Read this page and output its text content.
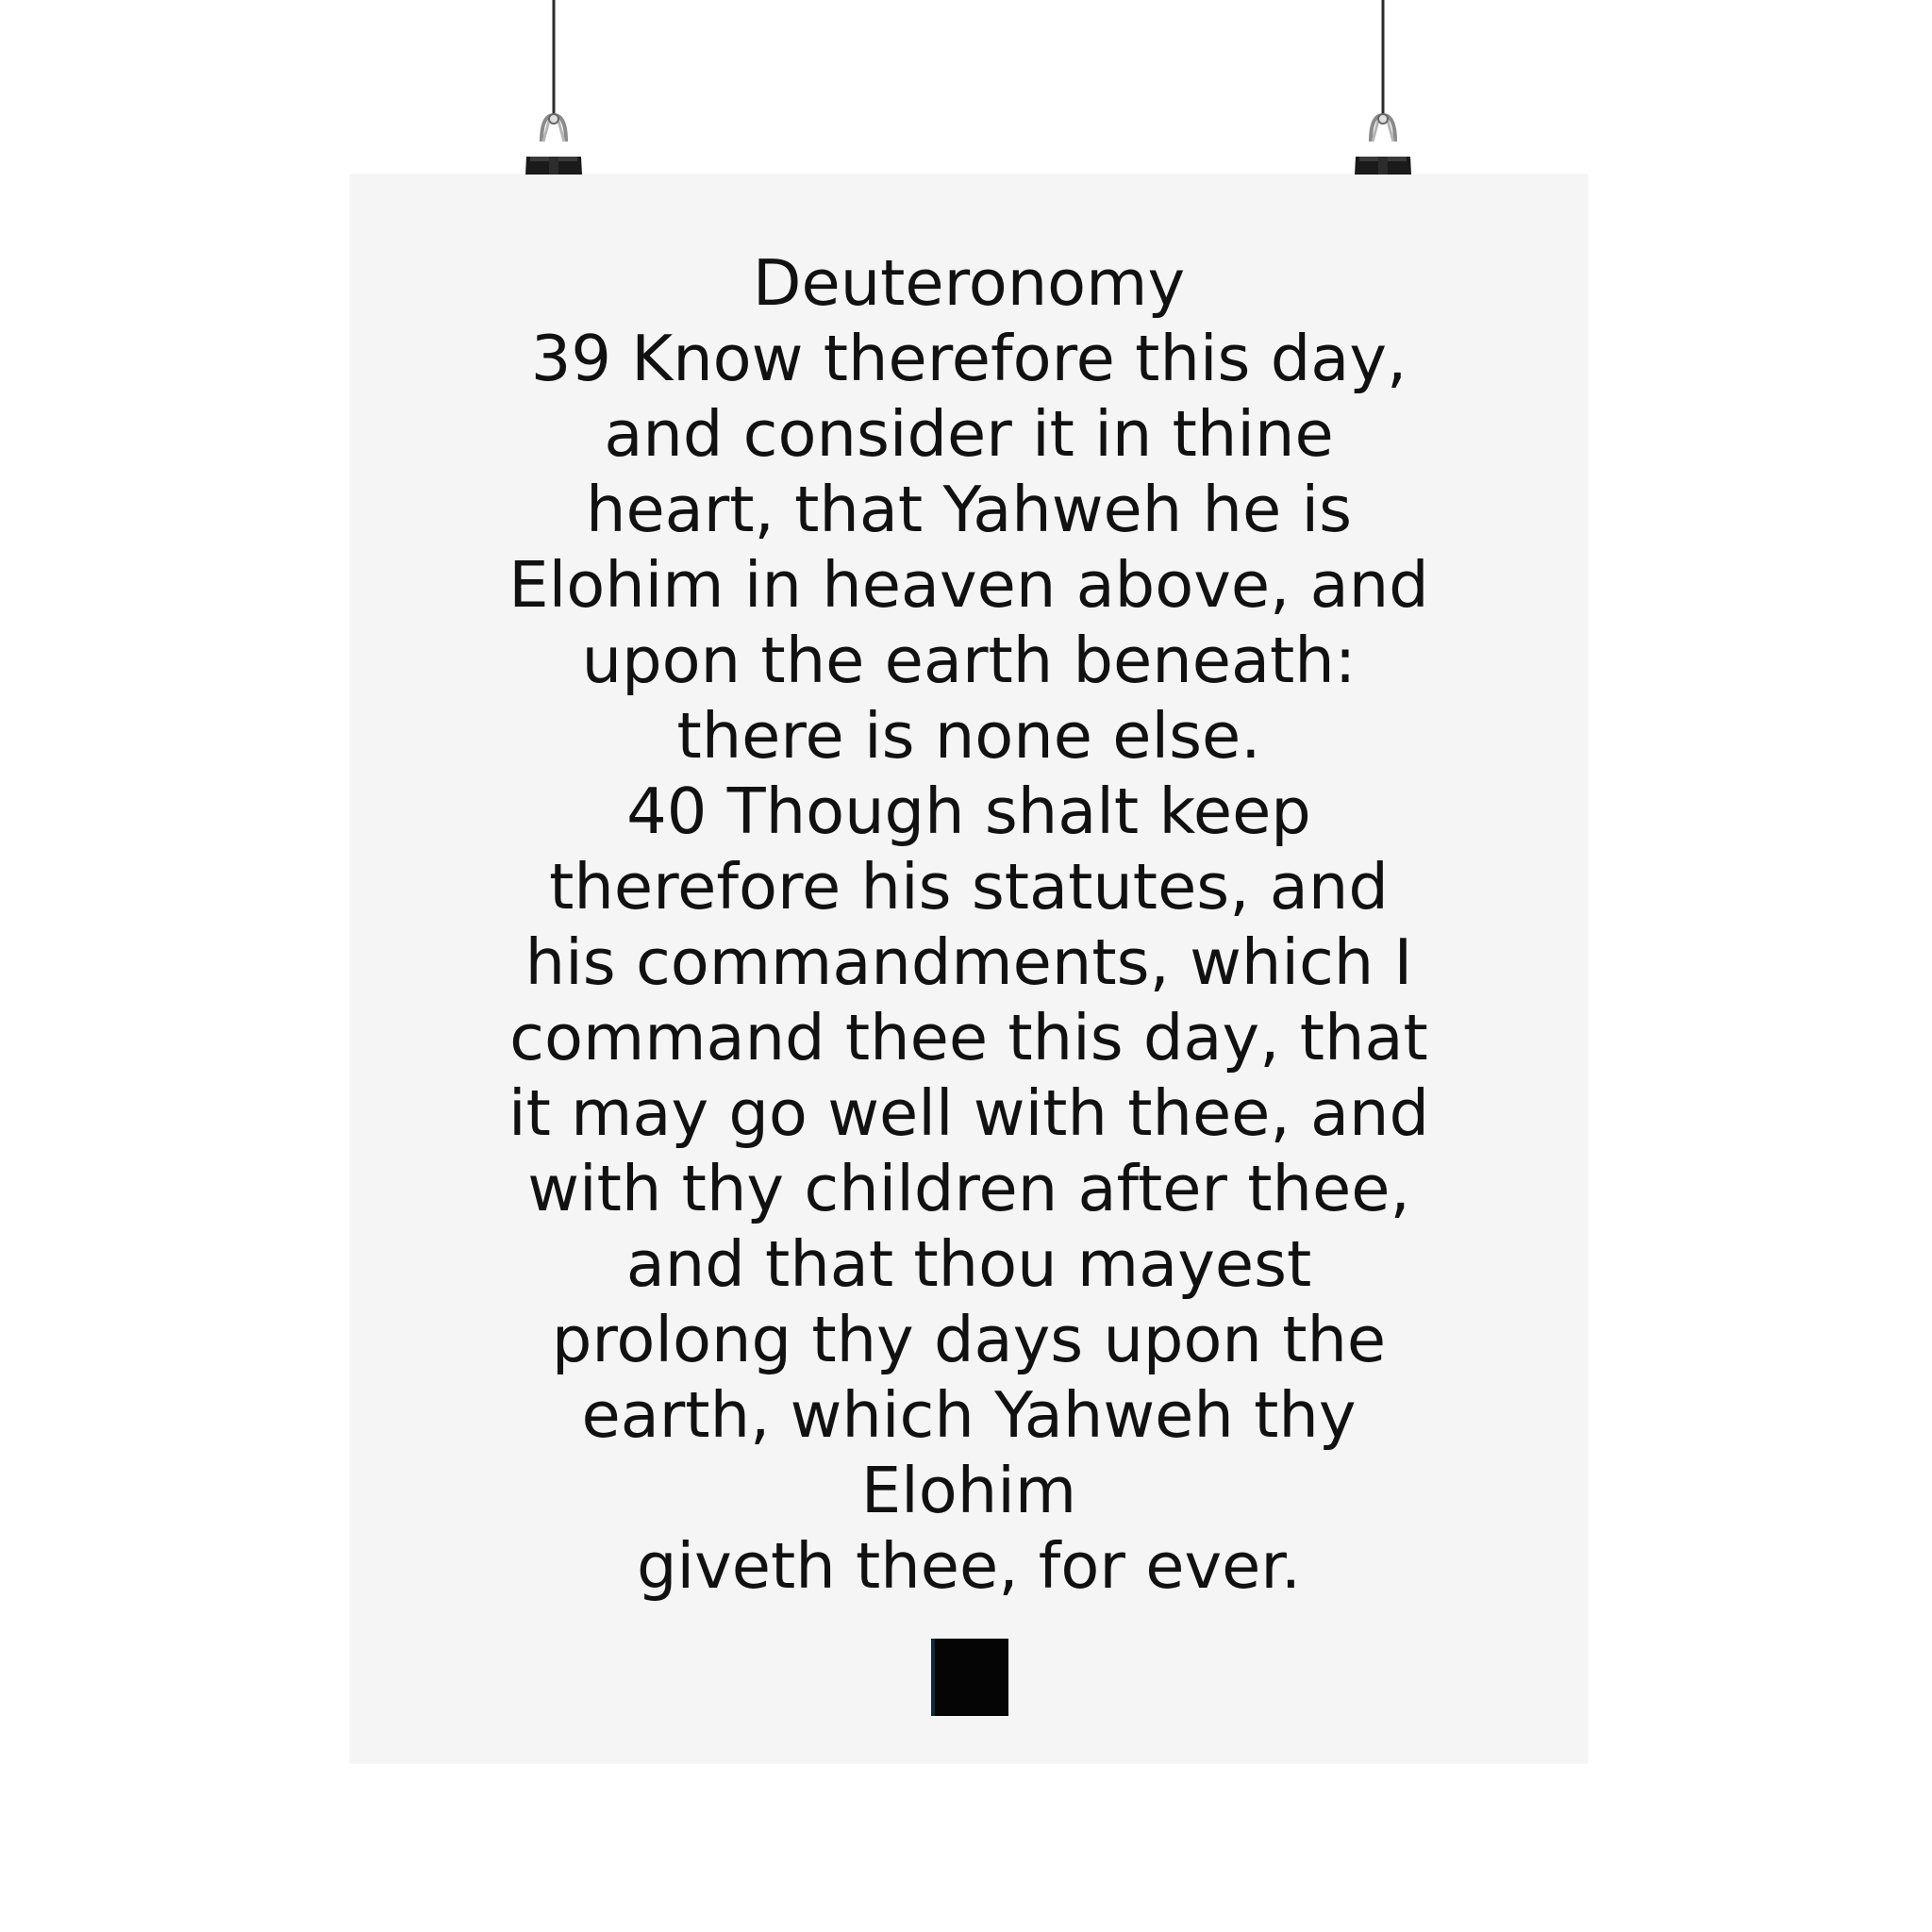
Deuteronomy
39 Know therefore this day,
and consider it in thine
heart, that Yahweh he is
Elohim in heaven above, and
upon the earth beneath:
there is none else.
40 Though shalt keep
therefore his statutes, and
his commandments, which I
command thee this day, that
it may go well with thee, and
with thy children after thee,
and that thou mayest
prolong thy days upon the
earth, which Yahweh thy
Elohim
giveth thee, for ever.
